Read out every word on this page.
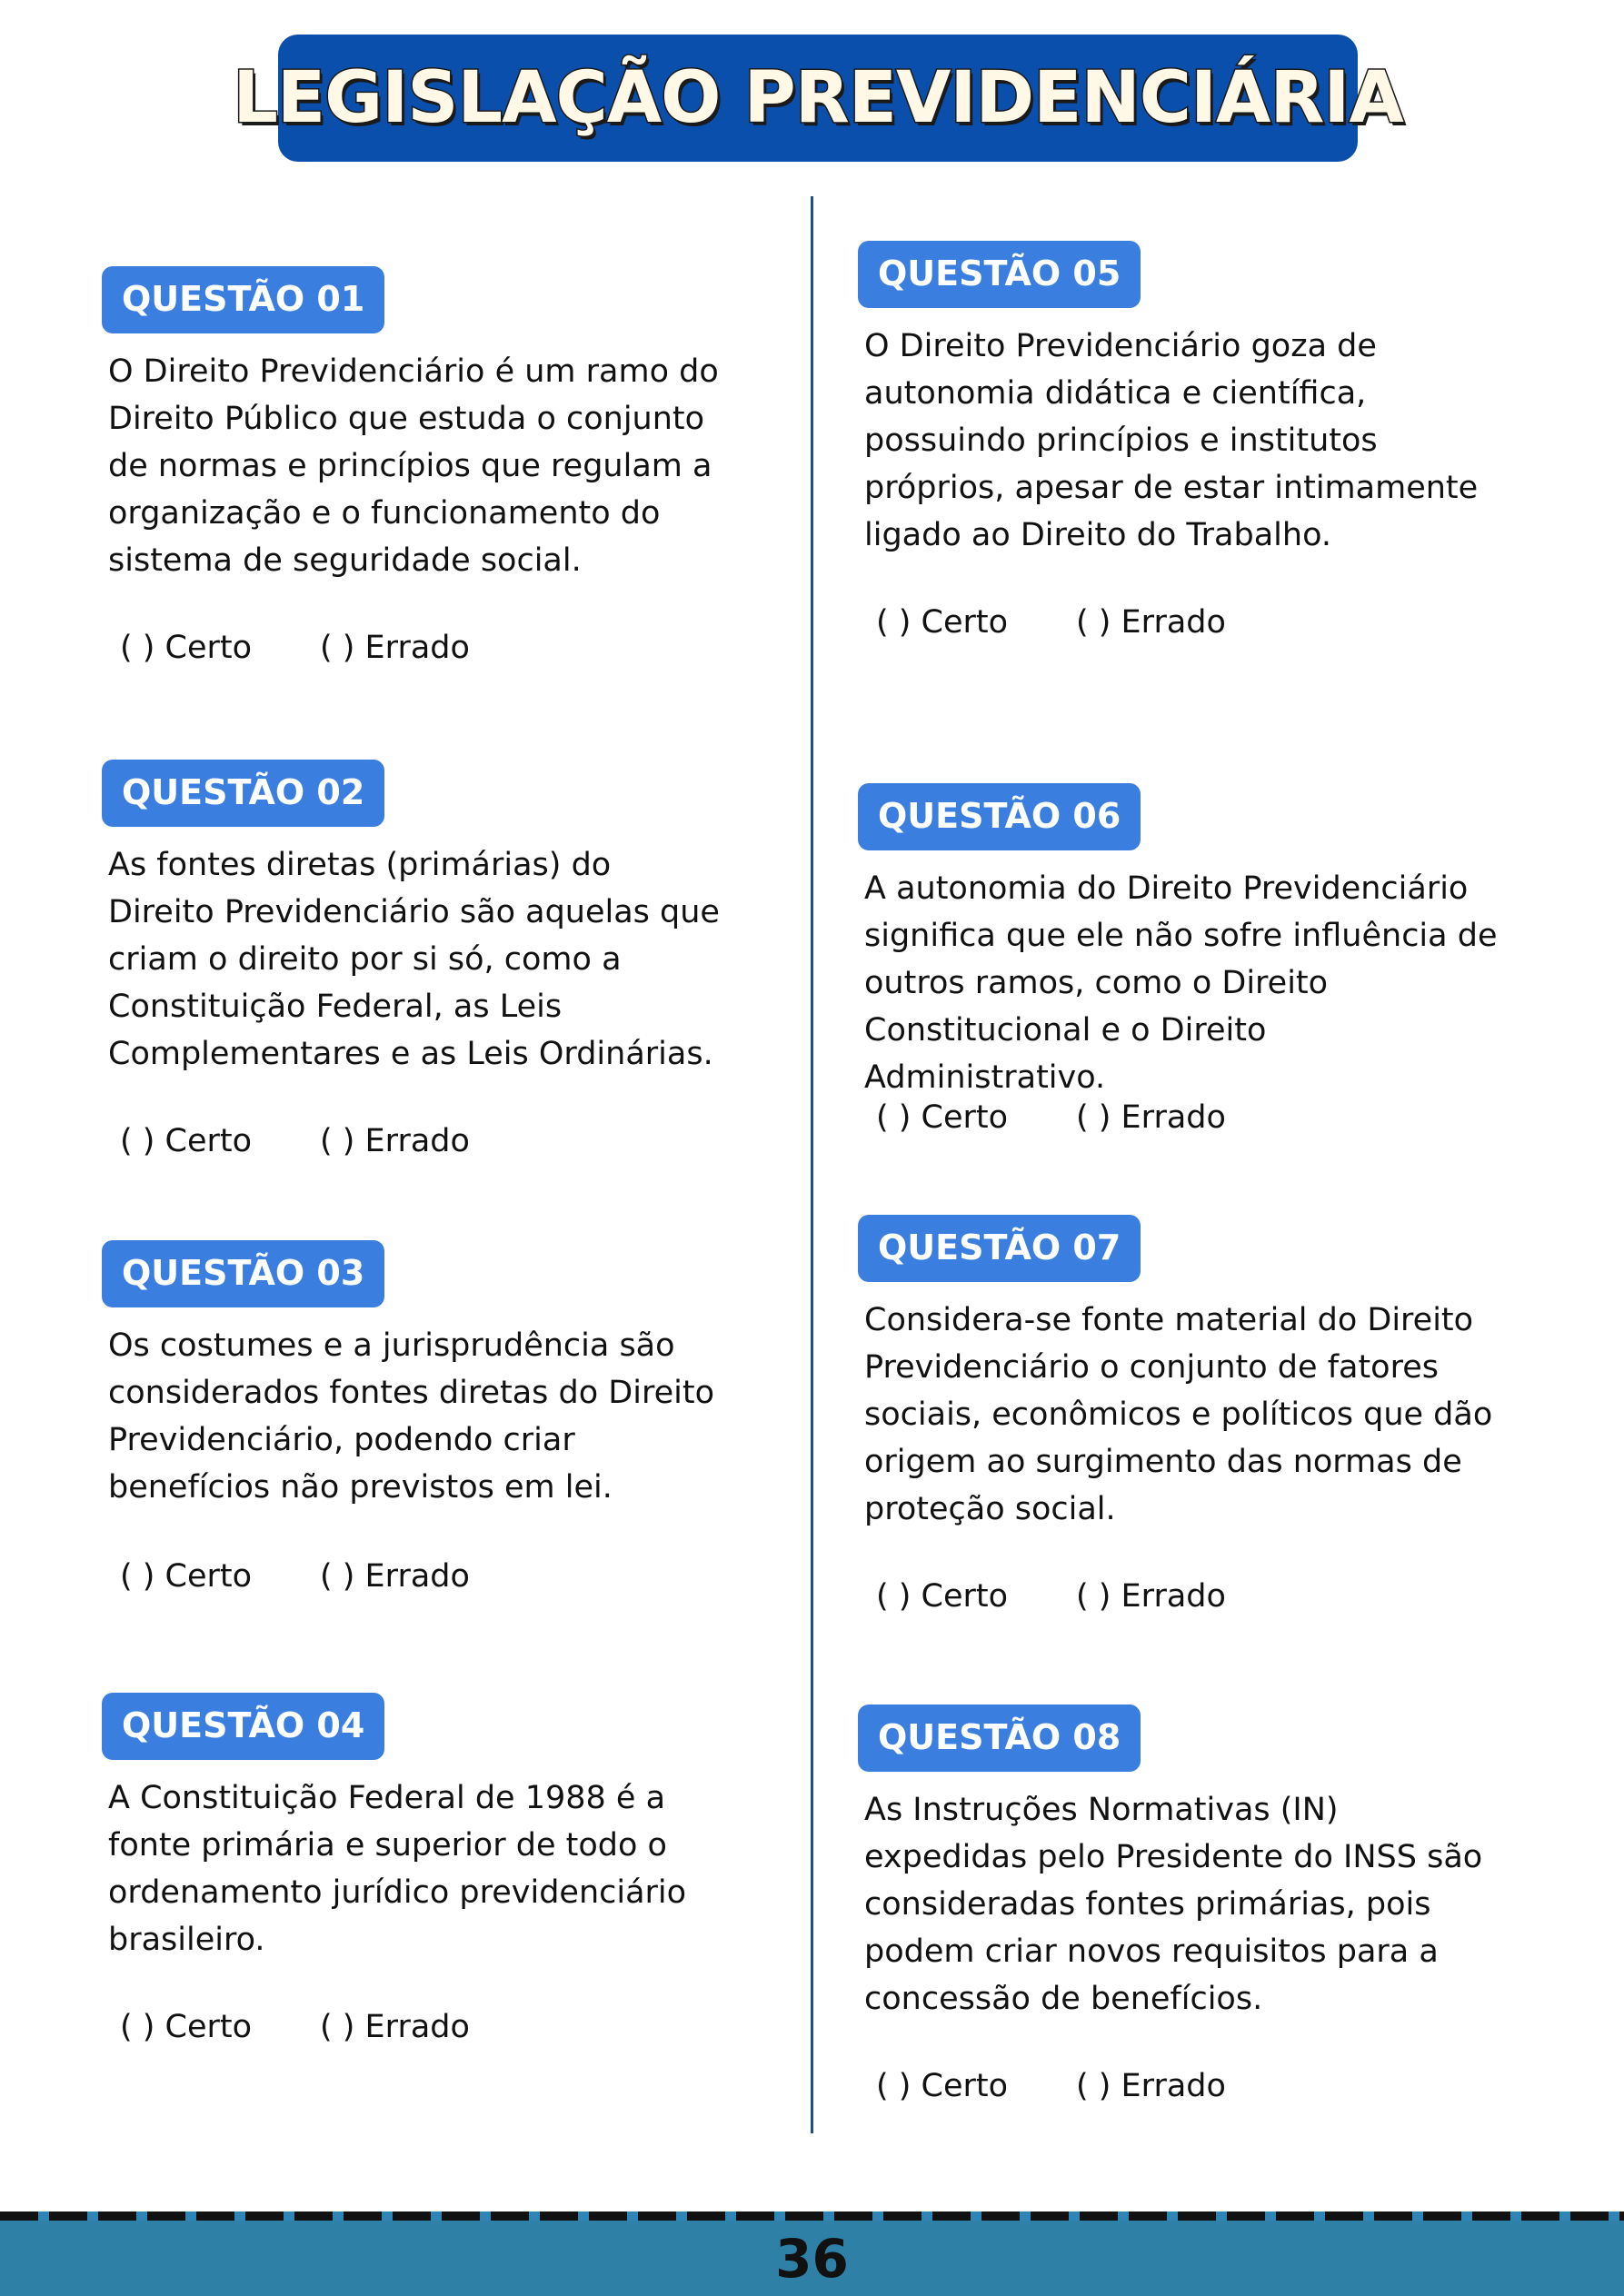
LEGISLAÇÃO PREVIDENCIÁRIA
QUESTÃO 01
O Direito Previdenciário é um ramo do
Direito Público que estuda o conjunto
de normas e princípios que regulam a
organização e o funcionamento do
sistema de seguridade social.
( ) Certo ( ) Errado
QUESTÃO 02
As fontes diretas (primárias) do
Direito Previdenciário são aquelas que
criam o direito por si só, como a
Constituição Federal, as Leis
Complementares e as Leis Ordinárias.
( ) Certo ( ) Errado
QUESTÃO 03
Os costumes e a jurisprudência são
considerados fontes diretas do Direito
Previdenciário, podendo criar
benefícios não previstos em lei.
( ) Certo ( ) Errado
QUESTÃO 04
A Constituição Federal de 1988 é a
fonte primária e superior de todo o
ordenamento jurídico previdenciário
brasileiro.
( ) Certo ( ) Errado
QUESTÃO 05
O Direito Previdenciário goza de
autonomia didática e científica,
possuindo princípios e institutos
próprios, apesar de estar intimamente
ligado ao Direito do Trabalho.
( ) Certo ( ) Errado
QUESTÃO 06
A autonomia do Direito Previdenciário
significa que ele não sofre influência de
outros ramos, como o Direito
Constitucional e o Direito
Administrativo.
( ) Certo ( ) Errado
QUESTÃO 07
Considera-se fonte material do Direito
Previdenciário o conjunto de fatores
sociais, econômicos e políticos que dão
origem ao surgimento das normas de
proteção social.
( ) Certo ( ) Errado
QUESTÃO 08
As Instruções Normativas (IN)
expedidas pelo Presidente do INSS são
consideradas fontes primárias, pois
podem criar novos requisitos para a
concessão de benefícios.
( ) Certo ( ) Errado
36
